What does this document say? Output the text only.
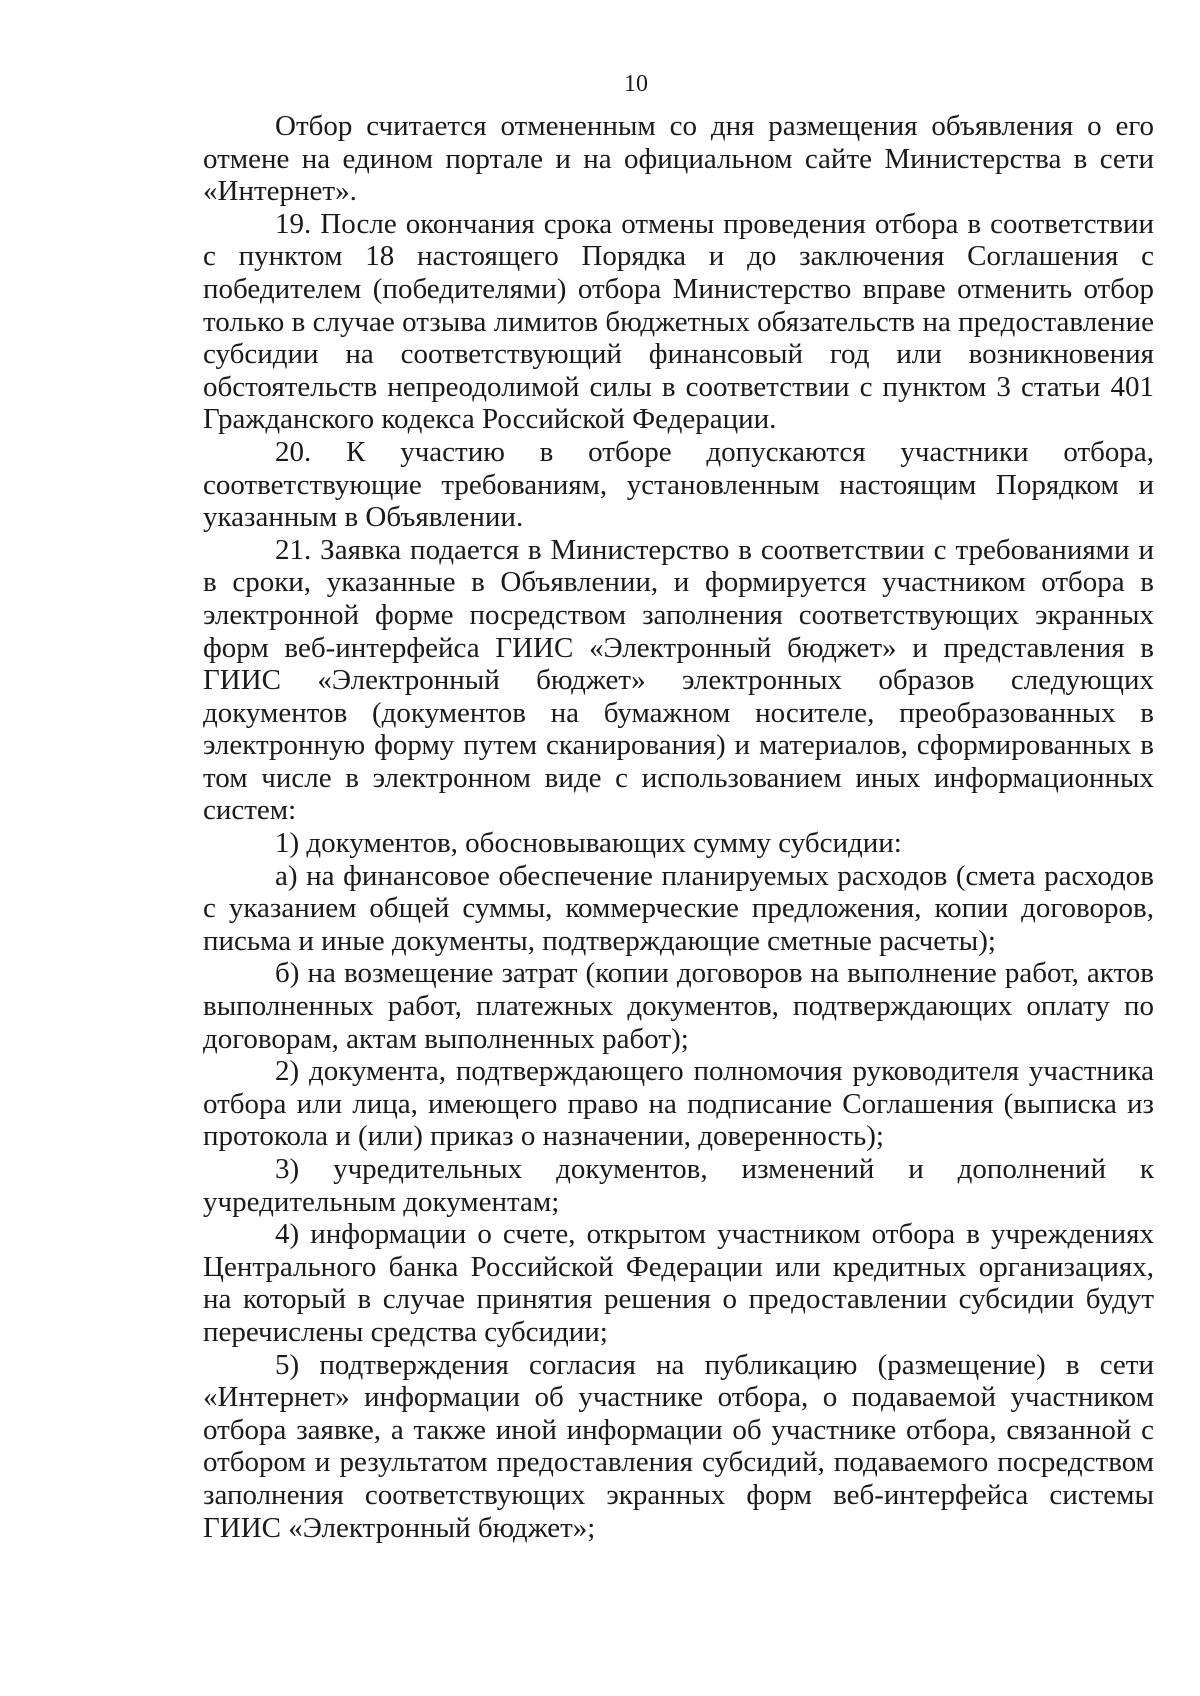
10

Отбор считается отмененным со дня размещения объявления о его отмене на едином портале и на официальном сайте Министерства в сети «Интернет».

19. После окончания срока отмены проведения отбора в соответствии с пунктом 18 настоящего Порядка и до заключения Соглашения с победителем (победителями) отбора Министерство вправе отменить отбор только в случае отзыва лимитов бюджетных обязательств на предоставление субсидии на соответствующий финансовый год или возникновения обстоятельств непреодолимой силы в соответствии с пунктом 3 статьи 401 Гражданского кодекса Российской Федерации.

20. К участию в отборе допускаются участники отбора, соответствующие требованиям, установленным настоящим Порядком и указанным в Объявлении.

21. Заявка подается в Министерство в соответствии с требованиями и в сроки, указанные в Объявлении, и формируется участником отбора в электронной форме посредством заполнения соответствующих экранных форм веб-интерфейса ГИИС «Электронный бюджет» и представления в ГИИС «Электронный бюджет» электронных образов следующих документов (документов на бумажном носителе, преобразованных в электронную форму путем сканирования) и материалов, сформированных в том числе в электронном виде с использованием иных информационных систем:

1) документов, обосновывающих сумму субсидии:

а) на финансовое обеспечение планируемых расходов (смета расходов с указанием общей суммы, коммерческие предложения, копии договоров, письма и иные документы, подтверждающие сметные расчеты);

б) на возмещение затрат (копии договоров на выполнение работ, актов выполненных работ, платежных документов, подтверждающих оплату по договорам, актам выполненных работ);

2) документа, подтверждающего полномочия руководителя участника отбора или лица, имеющего право на подписание Соглашения (выписка из протокола и (или) приказ о назначении, доверенность);

3) учредительных документов, изменений и дополнений к учредительным документам;

4) информации о счете, открытом участником отбора в учреждениях Центрального банка Российской Федерации или кредитных организациях, на который в случае принятия решения о предоставлении субсидии будут перечислены средства субсидии;

5) подтверждения согласия на публикацию (размещение) в сети «Интернет» информации об участнике отбора, о подаваемой участником отбора заявке, а также иной информации об участнике отбора, связанной с отбором и результатом предоставления субсидий, подаваемого посредством заполнения соответствующих экранных форм веб-интерфейса системы ГИИС «Электронный бюджет»;
